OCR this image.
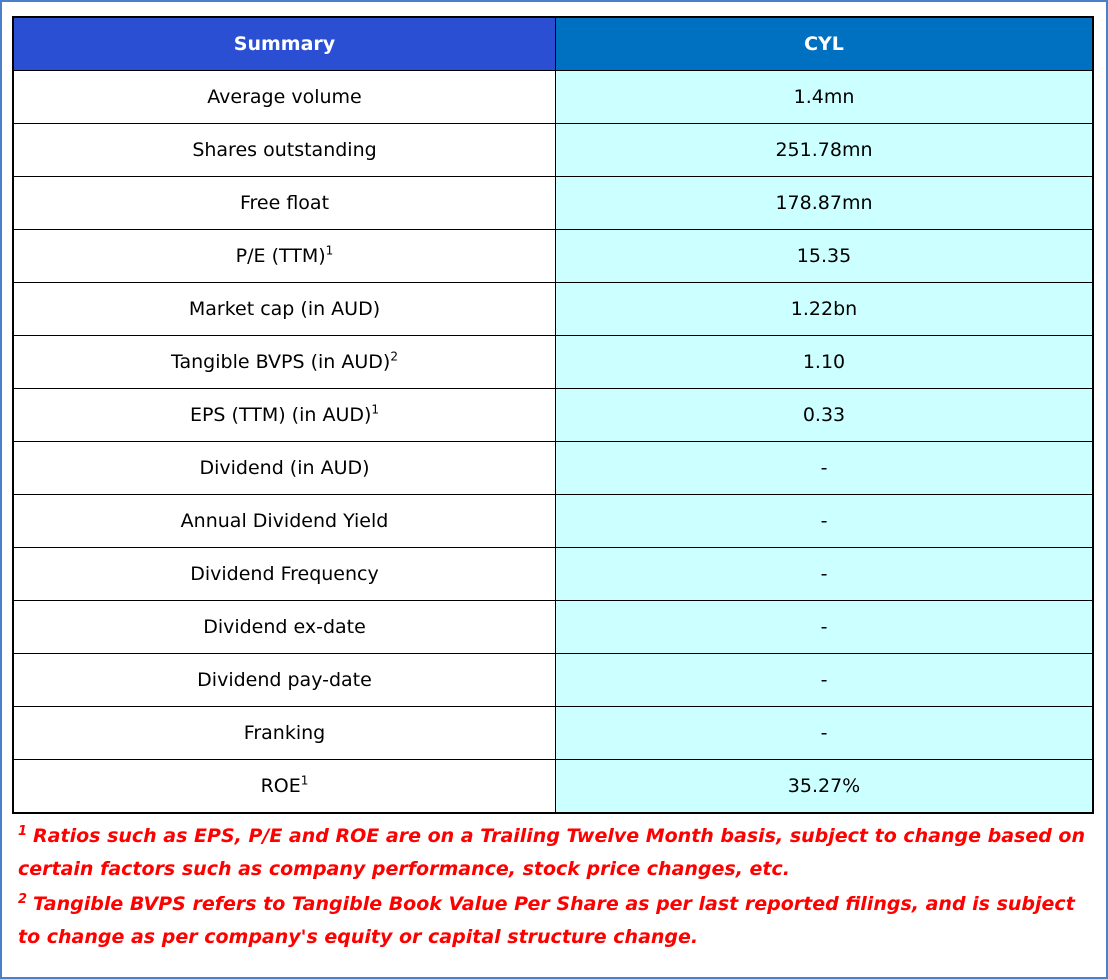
Summary	CYL
Average volume	1.4mn
Shares outstanding	251.78mn
Free float	178.87mn
P/E (TTM)$^1$	15.35
Market cap (in AUD)	1.22bn
Tangible BVPS (in AUD)$^2$	1.10
EPS (TTM) (in AUD)$^1$	0.33
Dividend (in AUD)	-
Annual Dividend Yield	-
Dividend Frequency	-
Dividend ex-date	-
Dividend pay-date	-
Franking	-
ROE$^1$	35.27%
$^1$ Ratios such as EPS, P/E and ROE are on a Trailing Twelve Month basis, subject to change based on certain factors such as company performance, stock price changes, etc.
$^2$ Tangible BVPS refers to Tangible Book Value Per Share as per last reported filings, and is subject to change as per company's equity or capital structure change.
